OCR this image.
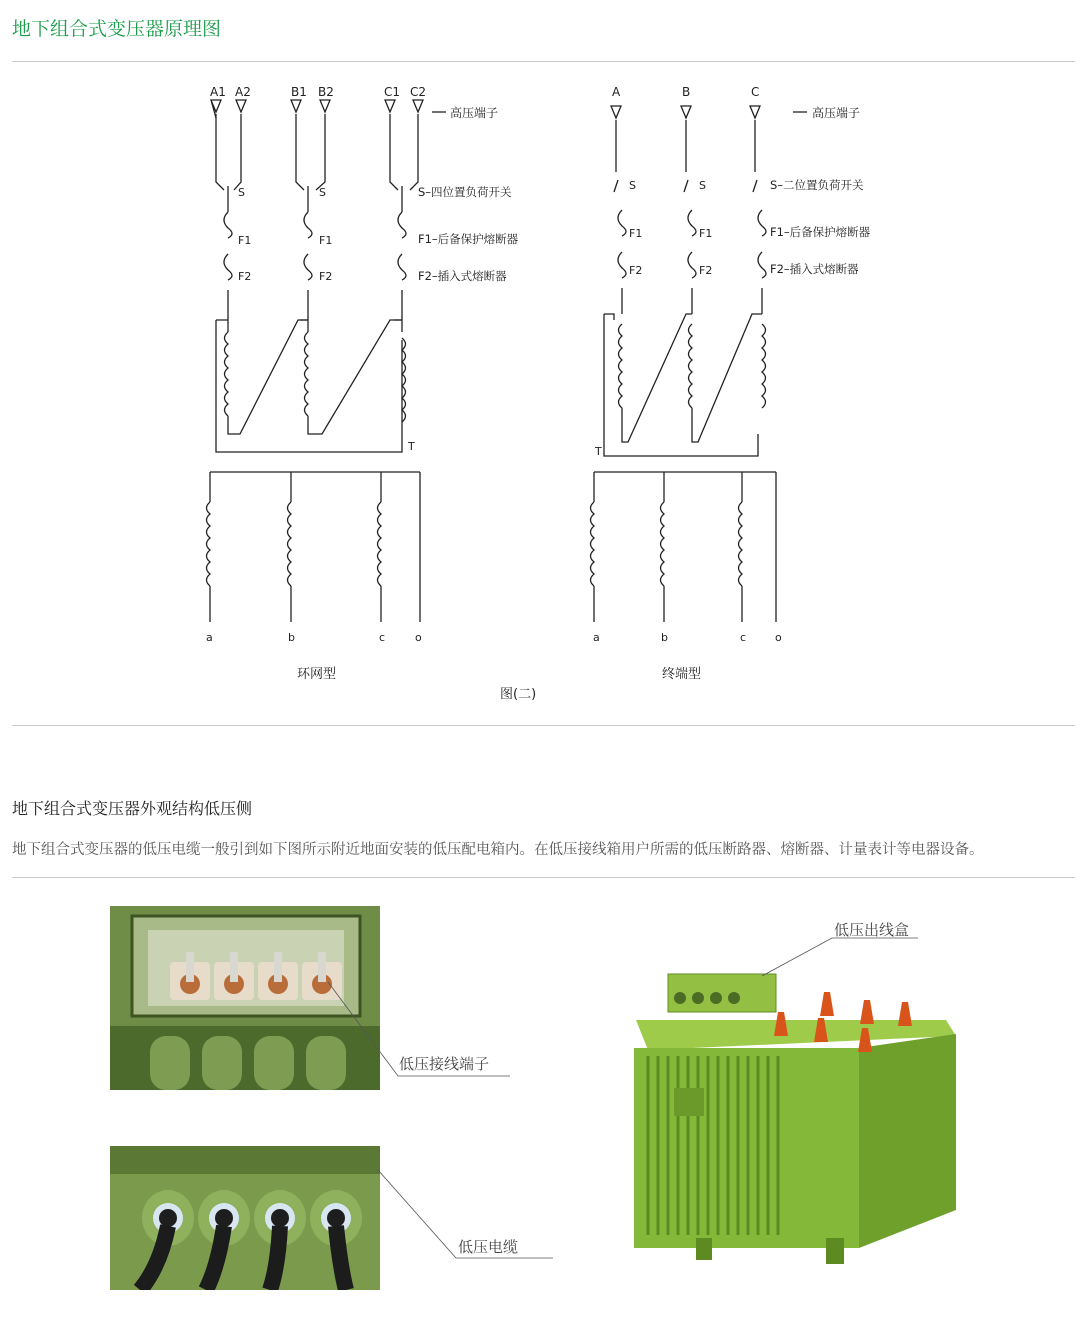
地下组合式变压器原理图
A1 A2	B1 B2	C1 C2
高压端子
S	S	S–四位置负荷开关
F1	F1	F1–后备保护熔断器
F2	F2	F2–插入式熔断器
T
a	b	c	o
环网型
A	B	C
高压端子
S	S	S–二位置负荷开关
F1	F1	F1–后备保护熔断器
F2	F2	F2–插入式熔断器
T
a	b	c	o
终端型
图(二)
地下组合式变压器外观结构低压侧
地下组合式变压器的低压电缆一般引到如下图所示附近地面安装的低压配电箱内。在低压接线箱用户所需的低压断路器、熔断器、计量表计等电器设备。
低压接线端子
低压电缆
低压出线盒
